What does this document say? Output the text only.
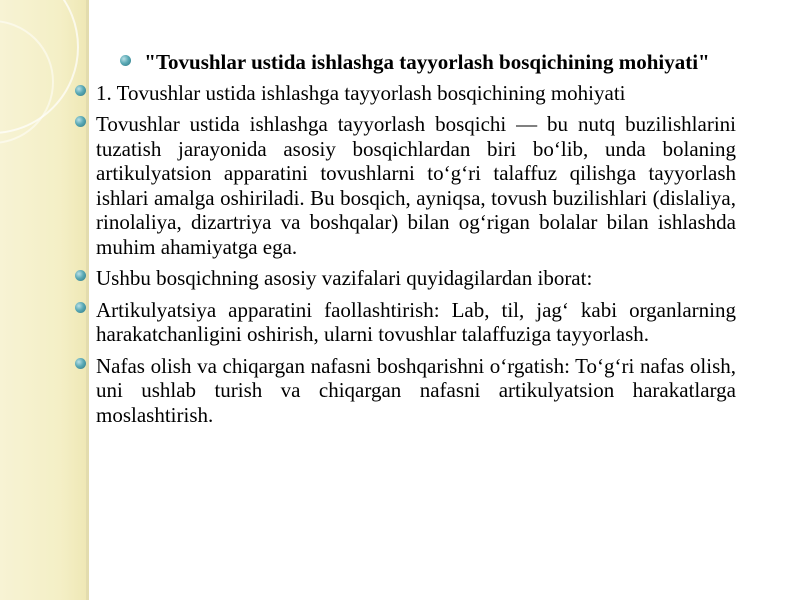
"Tovushlar ustida ishlashga tayyorlash bosqichining mohiyati"
1. Tovushlar ustida ishlashga tayyorlash bosqichining mohiyati
Tovushlar ustida ishlashga tayyorlash bosqichi — bu nutq buzilishlarini tuzatish jarayonida asosiy bosqichlardan biri bo‘lib, unda bolaning artikulyatsion apparatini tovushlarni to‘g‘ri talaffuz qilishga tayyorlash ishlari amalga oshiriladi. Bu bosqich, ayniqsa, tovush buzilishlari (dislaliya, rinolaliya, dizartriya va boshqalar) bilan og‘rigan bolalar bilan ishlashda muhim ahamiyatga ega.
Ushbu bosqichning asosiy vazifalari quyidagilardan iborat:
Artikulyatsiya apparatini faollashtirish: Lab, til, jag‘ kabi organlarning harakatchanligini oshirish, ularni tovushlar talaffuziga tayyorlash.
Nafas olish va chiqargan nafasni boshqarishni o‘rgatish: To‘g‘ri nafas olish, uni ushlab turish va chiqargan nafasni artikulyatsion harakatlarga moslashtirish.
